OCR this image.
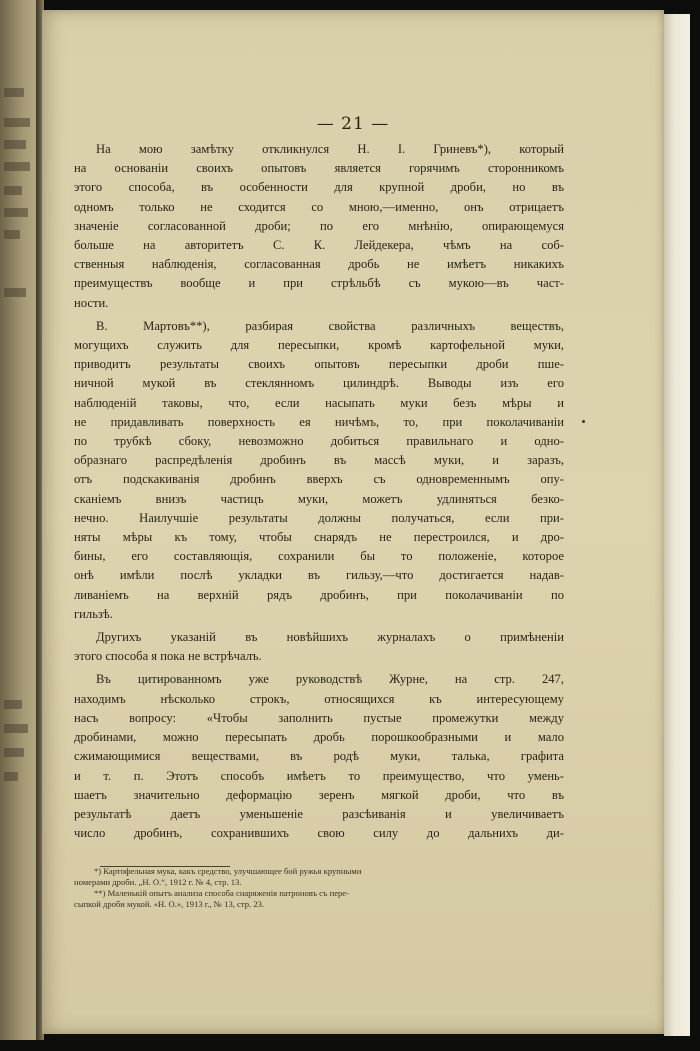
— 21 —
На мою замѣтку откликнулся Н. I. Гриневъ*), который
на основаніи своихъ опытовъ является горячимъ сторонникомъ
этого способа, въ особенности для крупной дроби, но въ
одномъ только не сходится со мною,—именно, онъ отрицаетъ
значеніе согласованной дроби; по его мнѣнію, опирающемуся
больше на авторитетъ С. К. Лейдекера, чѣмъ на соб-
ственныя наблюденія, согласованная дробь не имѣетъ никакихъ
преимуществъ вообще и при стрѣльбѣ съ мукою—въ част-
ности.
В. Мартовъ**), разбирая свойства различныхъ веществъ,
могущихъ служить для пересыпки, кромѣ картофельной муки,
приводитъ результаты своихъ опытовъ пересыпки дроби пше-
ничной мукой въ стеклянномъ цилиндрѣ. Выводы изъ его
наблюденій таковы, что, если насыпать муки безъ мѣры и
не придавливать поверхность ея ничѣмъ, то, при поколачиваніи
по трубкѣ сбоку, невозможно добиться правильнаго и одно-
образнаго распредѣленія дробинъ въ массѣ муки, и заразъ,
отъ подскакиванія дробинъ вверхъ съ одновременнымъ опу-
сканіемъ внизъ частицъ муки, можетъ удлиняться безко-
нечно. Наилучшіе результаты должны получаться, если при-
няты мѣры къ тому, чтобы снарядъ не перестроился, и дро-
бины, его составляющія, сохранили бы то положеніе, которое
онѣ имѣли послѣ укладки въ гильзу,—что достигается надав-
ливаніемъ на верхній рядъ дробинъ, при поколачиваніи по
гильзѣ.
Другихъ указаній въ новѣйшихъ журналахъ о примѣненіи
этого способа я пока не встрѣчалъ.
Въ цитированномъ уже руководствѣ Журне, на стр. 247,
находимъ нѣсколько строкъ, относящихся къ интересующему
насъ вопросу: «Чтобы заполнить пустые промежутки между
дробинами, можно пересыпать дробь порошкообразными и мало
сжимающимися веществами, въ родѣ муки, талька, графита
и т. п. Этотъ способъ имѣетъ то преимущество, что умень-
шаетъ значительно деформацію зеренъ мягкой дроби, что въ
результатѣ даетъ уменьшеніе разсѣиванія и увеличиваетъ
число дробинъ, сохранившихъ свою силу до дальнихъ ди-
*) Картофельная мука, какъ средство, улучшающее бой ружья крупными
номерами дроби. „Н. О.“, 1912 г. № 4, стр. 13.
**) Маленькій опытъ анализа способа снаряженія патроновъ съ пере-
сыпкой дроби мукой. «Н. О.», 1913 г., № 13, стр. 23.
